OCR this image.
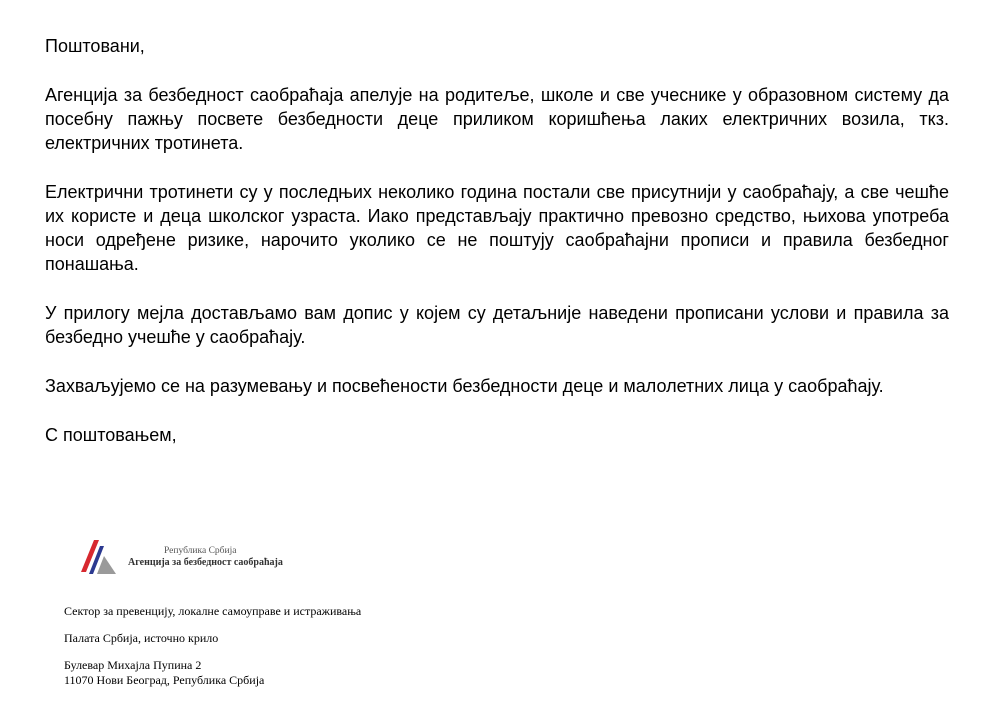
Поштовани,

Агенција за безбедност саобраћаја апелује на родитеље, школе и све учеснике у образовном систему да посебну пажњу посвете безбедности деце приликом коришћења лаких електричних возила, ткз. електричних тротинета.

Електрични тротинети су у последњих неколико година постали све присутнији у саобраћају, а све чешће их користе и деца школског узраста. Иако представљају практично превозно средство, њихова употреба носи одређене ризике, нарочито уколико се не поштују саобраћајни прописи и правила безбедног понашања.

У прилогу мејла достављамо вам допис у којем су детаљније наведени прописани услови и правила за безбедно учешће у саобраћају.

Захваљујемо се на разумевању и посвећености безбедности деце и малолетних лица у саобраћају.

С поштовањем,

Република Србија
Агенција за безбедност саобраћаја
Сектор за превенцију, локалне самоуправе и истраживања
Палата Србија, источно крило
Булевар Михајла Пупина 2
11070 Нови Београд, Република Србија
